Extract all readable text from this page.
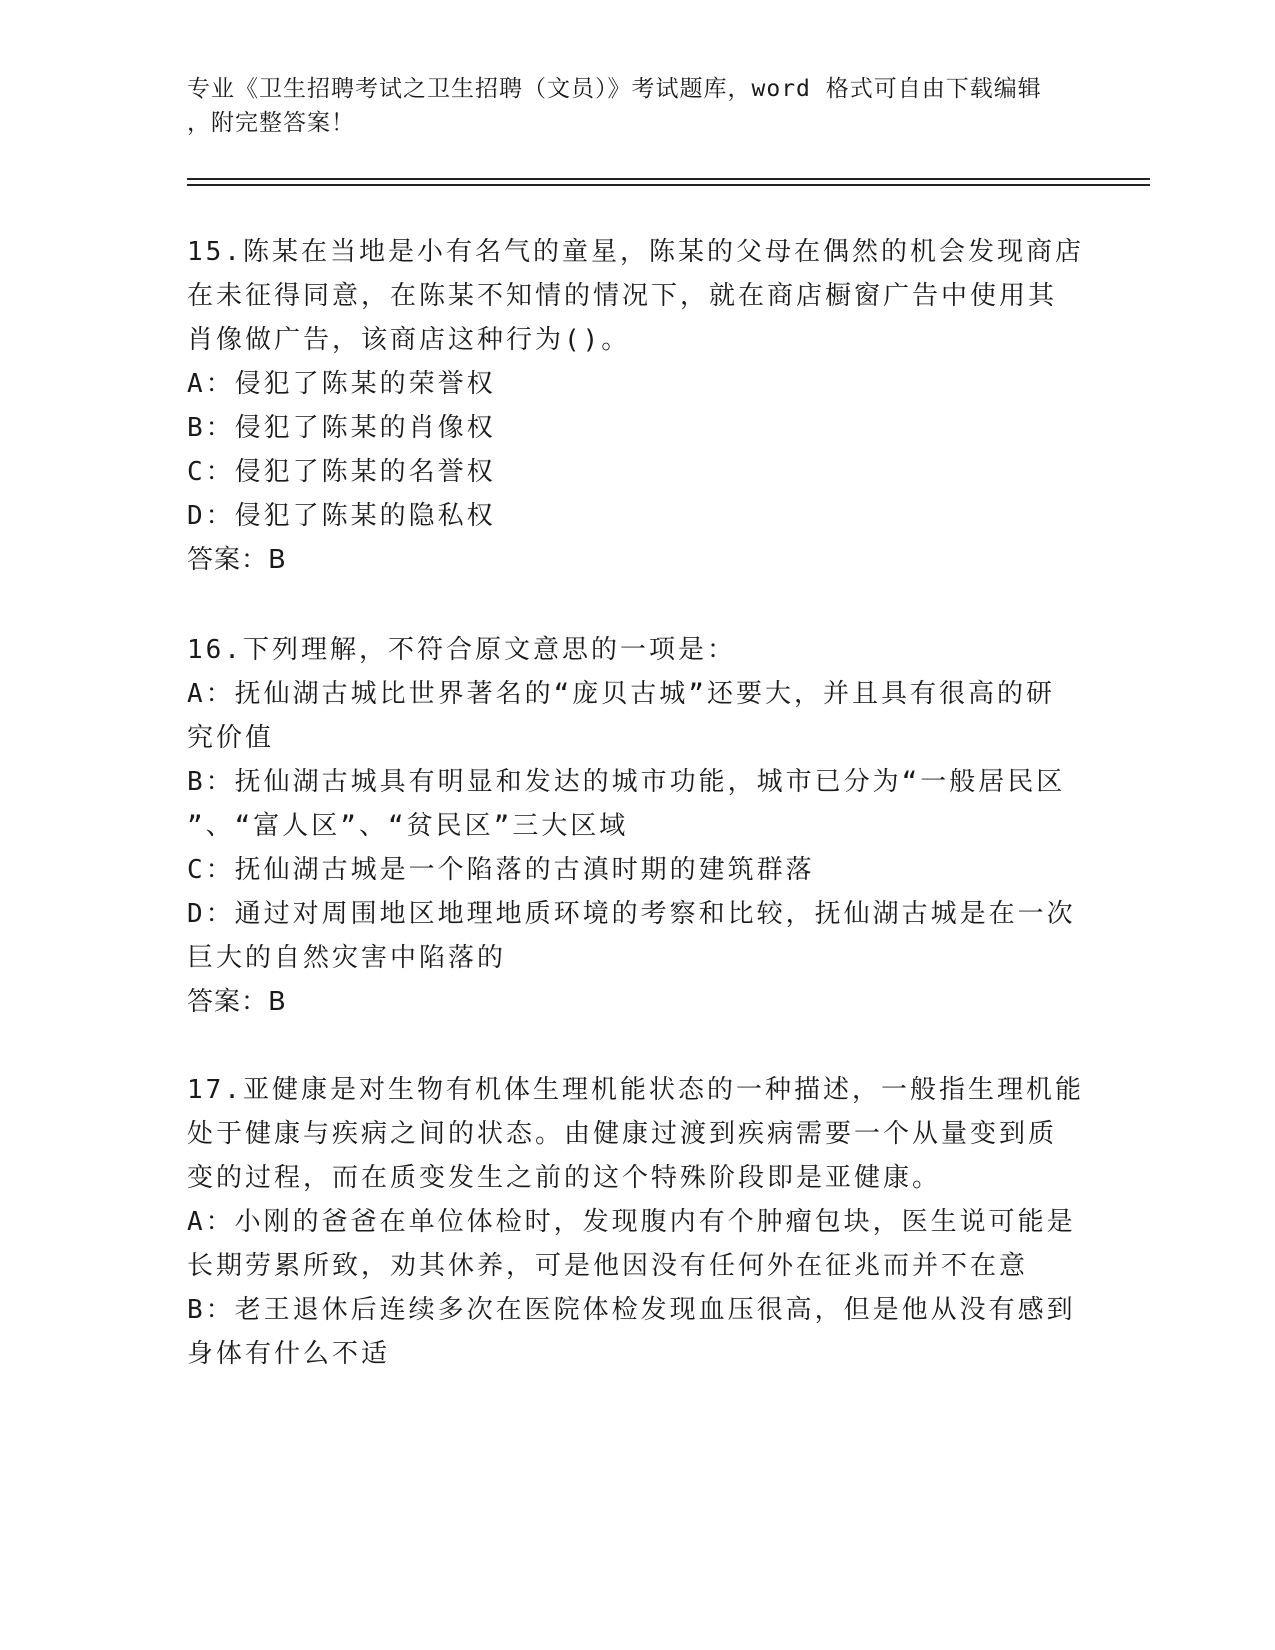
专业《卫生招聘考试之卫生招聘（文员）》考试题库，word 格式可自由下载编辑
，附完整答案！
15.陈某在当地是小有名气的童星，陈某的父母在偶然的机会发现商店
在未征得同意，在陈某不知情的情况下，就在商店橱窗广告中使用其
肖像做广告，该商店这种行为()。
A：侵犯了陈某的荣誉权
B：侵犯了陈某的肖像权
C：侵犯了陈某的名誉权
D：侵犯了陈某的隐私权
答案：B
16.下列理解，不符合原文意思的一项是：
A：抚仙湖古城比世界著名的“庞贝古城”还要大，并且具有很高的研
究价值
B：抚仙湖古城具有明显和发达的城市功能，城市已分为“一般居民区
”、“富人区”、“贫民区”三大区域
C：抚仙湖古城是一个陷落的古滇时期的建筑群落
D：通过对周围地区地理地质环境的考察和比较，抚仙湖古城是在一次
巨大的自然灾害中陷落的
答案：B
17.亚健康是对生物有机体生理机能状态的一种描述，一般指生理机能
处于健康与疾病之间的状态。由健康过渡到疾病需要一个从量变到质
变的过程，而在质变发生之前的这个特殊阶段即是亚健康。
A：小刚的爸爸在单位体检时，发现腹内有个肿瘤包块，医生说可能是
长期劳累所致，劝其休养，可是他因没有任何外在征兆而并不在意
B：老王退休后连续多次在医院体检发现血压很高，但是他从没有感到
身体有什么不适
